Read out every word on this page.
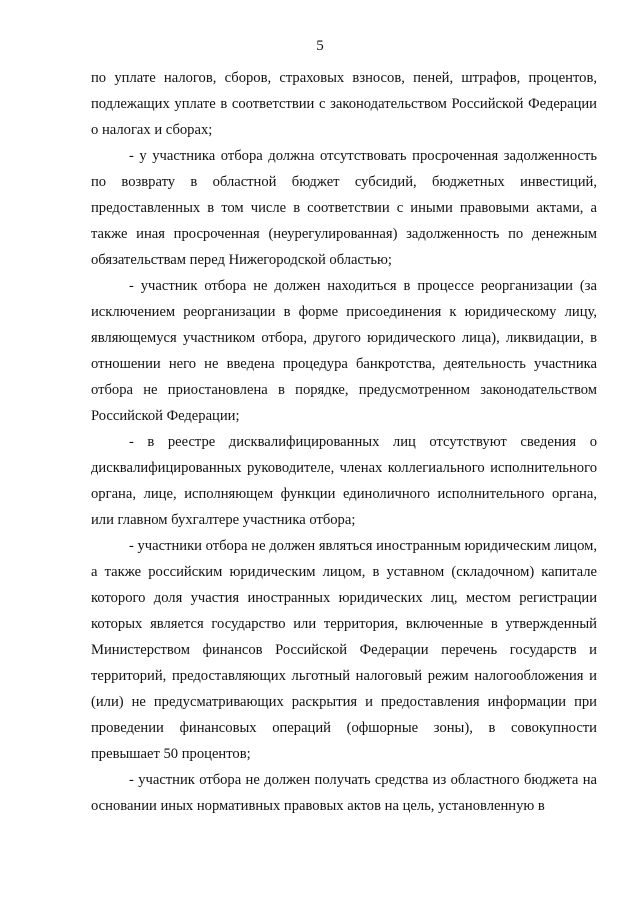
5

по уплате налогов, сборов, страховых взносов, пеней, штрафов, процентов, подлежащих уплате в соответствии с законодательством Российской Федерации о налогах и сборах;

- у участника отбора должна отсутствовать просроченная задолженность по возврату в областной бюджет субсидий, бюджетных инвестиций, предоставленных в том числе в соответствии с иными правовыми актами, а также иная просроченная (неурегулированная) задолженность по денежным обязательствам перед Нижегородской областью;

- участник отбора не должен находиться в процессе реорганизации (за исключением реорганизации в форме присоединения к юридическому лицу, являющемуся участником отбора, другого юридического лица), ликвидации, в отношении него не введена процедура банкротства, деятельность участника отбора не приостановлена в порядке, предусмотренном законодательством Российской Федерации;

- в реестре дисквалифицированных лиц отсутствуют сведения о дисквалифицированных руководителе, членах коллегиального исполнительного органа, лице, исполняющем функции единоличного исполнительного органа, или главном бухгалтере участника отбора;

- участники отбора не должен являться иностранным юридическим лицом, а также российским юридическим лицом, в уставном (складочном) капитале которого доля участия иностранных юридических лиц, местом регистрации которых является государство или территория, включенные в утвержденный Министерством финансов Российской Федерации перечень государств и территорий, предоставляющих льготный налоговый режим налогообложения и (или) не предусматривающих раскрытия и предоставления информации при проведении финансовых операций (офшорные зоны), в совокупности превышает 50 процентов;

- участник отбора не должен получать средства из областного бюджета на основании иных нормативных правовых актов на цель, установленную в
